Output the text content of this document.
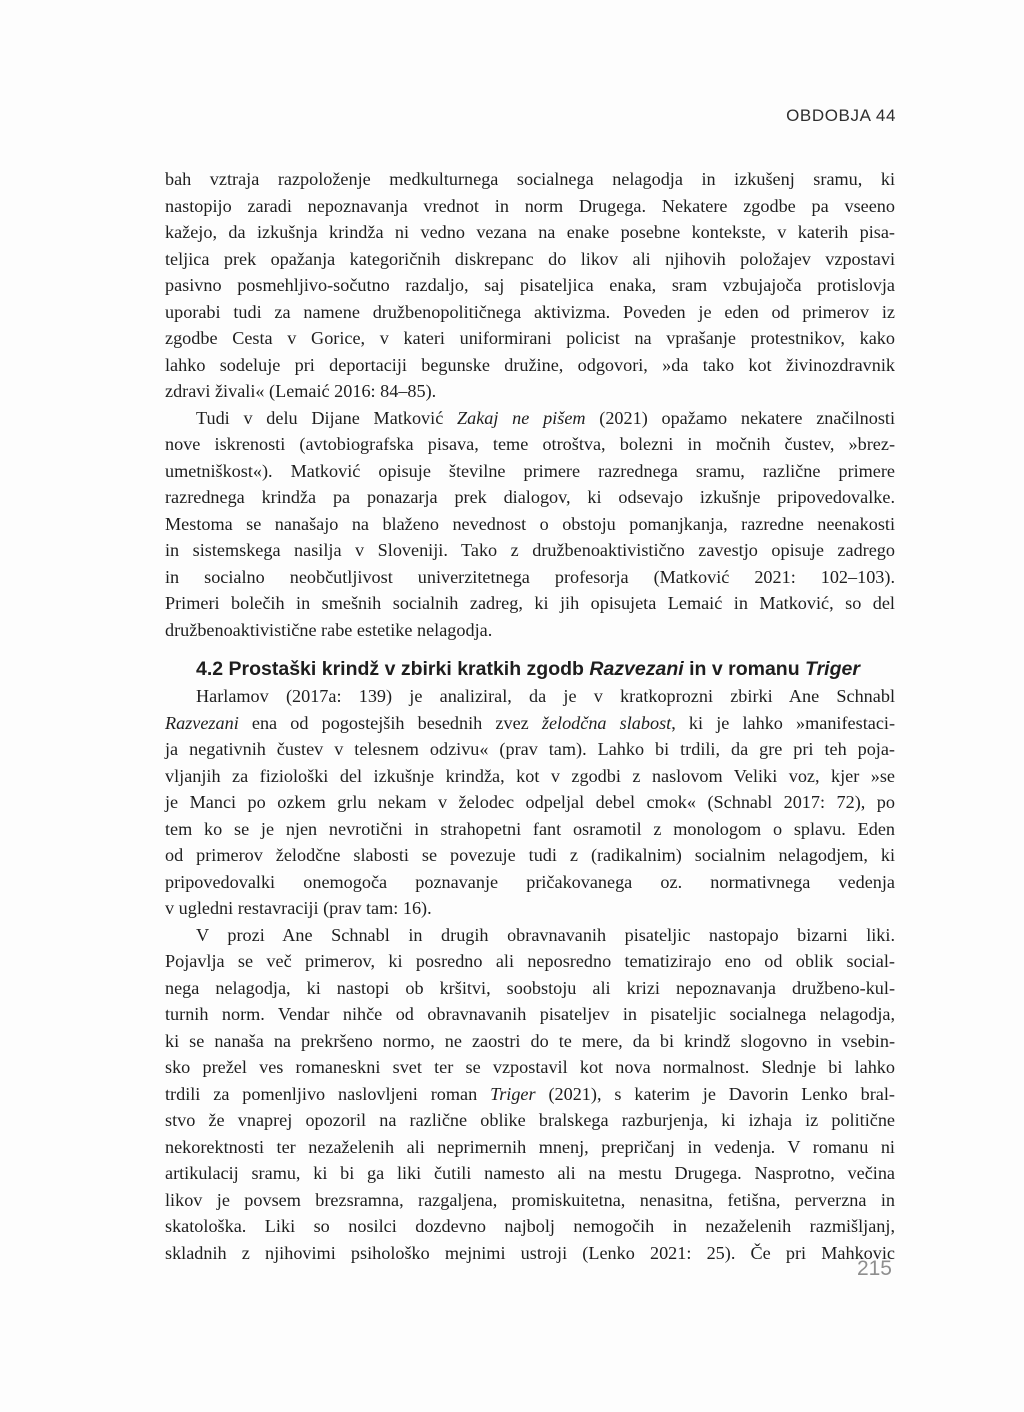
OBDOBJA 44
bah vztraja razpoloženje medkulturnega socialnega nelagodja in izkušenj sramu, ki
nastopijo zaradi nepoznavanja vrednot in norm Drugega. Nekatere zgodbe pa vseeno
kažejo, da izkušnja krindža ni vedno vezana na enake posebne kontekste, v katerih pisa-
teljica prek opažanja kategoričnih diskrepanc do likov ali njihovih položajev vzpostavi
pasivno posmehljivo-sočutno razdaljo, saj pisateljica enaka, sram vzbujajoča protislovja
uporabi tudi za namene družbenopolitičnega aktivizma. Poveden je eden od primerov iz
zgodbe Cesta v Gorice, v kateri uniformirani policist na vprašanje protestnikov, kako
lahko sodeluje pri deportaciji begunske družine, odgovori, »da tako kot živinozdravnik
zdravi živali« (Lemaić 2016: 84–85).
Tudi v delu Dijane Matković Zakaj ne pišem (2021) opažamo nekatere značilnosti
nove iskrenosti (avtobiografska pisava, teme otroštva, bolezni in močnih čustev, »brez-
umetniškost«). Matković opisuje številne primere razrednega sramu, različne primere
razrednega krindža pa ponazarja prek dialogov, ki odsevajo izkušnje pripovedovalke.
Mestoma se nanašajo na blaženo nevednost o obstoju pomanjkanja, razredne neenakosti
in sistemskega nasilja v Sloveniji. Tako z družbenoaktivistično zavestjo opisuje zadrego
in socialno neobčutljivost univerzitetnega profesorja (Matković 2021: 102–103).
Primeri bolečih in smešnih socialnih zadreg, ki jih opisujeta Lemaić in Matković, so del
družbenoaktivistične rabe estetike nelagodja.
4.2 Prostaški krindž v zbirki kratkih zgodb Razvezani in v romanu Triger
Harlamov (2017a: 139) je analiziral, da je v kratkoprozni zbirki Ane Schnabl
Razvezani ena od pogostejših besednih zvez želodčna slabost, ki je lahko »manifestaci-
ja negativnih čustev v telesnem odzivu« (prav tam). Lahko bi trdili, da gre pri teh poja-
vljanjih za fiziološki del izkušnje krindža, kot v zgodbi z naslovom Veliki voz, kjer »se
je Manci po ozkem grlu nekam v želodec odpeljal debel cmok« (Schnabl 2017: 72), po
tem ko se je njen nevrotični in strahopetni fant osramotil z monologom o splavu. Eden
od primerov želodčne slabosti se povezuje tudi z (radikalnim) socialnim nelagodjem, ki
pripovedovalki onemogoča poznavanje pričakovanega oz. normativnega vedenja
v ugledni restavraciji (prav tam: 16).
V prozi Ane Schnabl in drugih obravnavanih pisateljic nastopajo bizarni liki.
Pojavlja se več primerov, ki posredno ali neposredno tematizirajo eno od oblik social-
nega nelagodja, ki nastopi ob kršitvi, soobstoju ali krizi nepoznavanja družbeno-kul-
turnih norm. Vendar nihče od obravnavanih pisateljev in pisateljic socialnega nelagodja,
ki se nanaša na prekršeno normo, ne zaostri do te mere, da bi krindž slogovno in vsebin-
sko prežel ves romaneskni svet ter se vzpostavil kot nova normalnost. Slednje bi lahko
trdili za pomenljivo naslovljeni roman Triger (2021), s katerim je Davorin Lenko bral-
stvo že vnaprej opozoril na različne oblike bralskega razburjenja, ki izhaja iz politične
nekorektnosti ter nezaželenih ali neprimernih mnenj, prepričanj in vedenja. V romanu ni
artikulacij sramu, ki bi ga liki čutili namesto ali na mestu Drugega. Nasprotno, večina
likov je povsem brezsramna, razgaljena, promiskuitetna, nenasitna, fetišna, perverzna in
skatološka. Liki so nosilci dozdevno najbolj nemogočih in nezaželenih razmišljanj,
skladnih z njihovimi psihološko mejnimi ustroji (Lenko 2021: 25). Če pri Mahkovic
215
